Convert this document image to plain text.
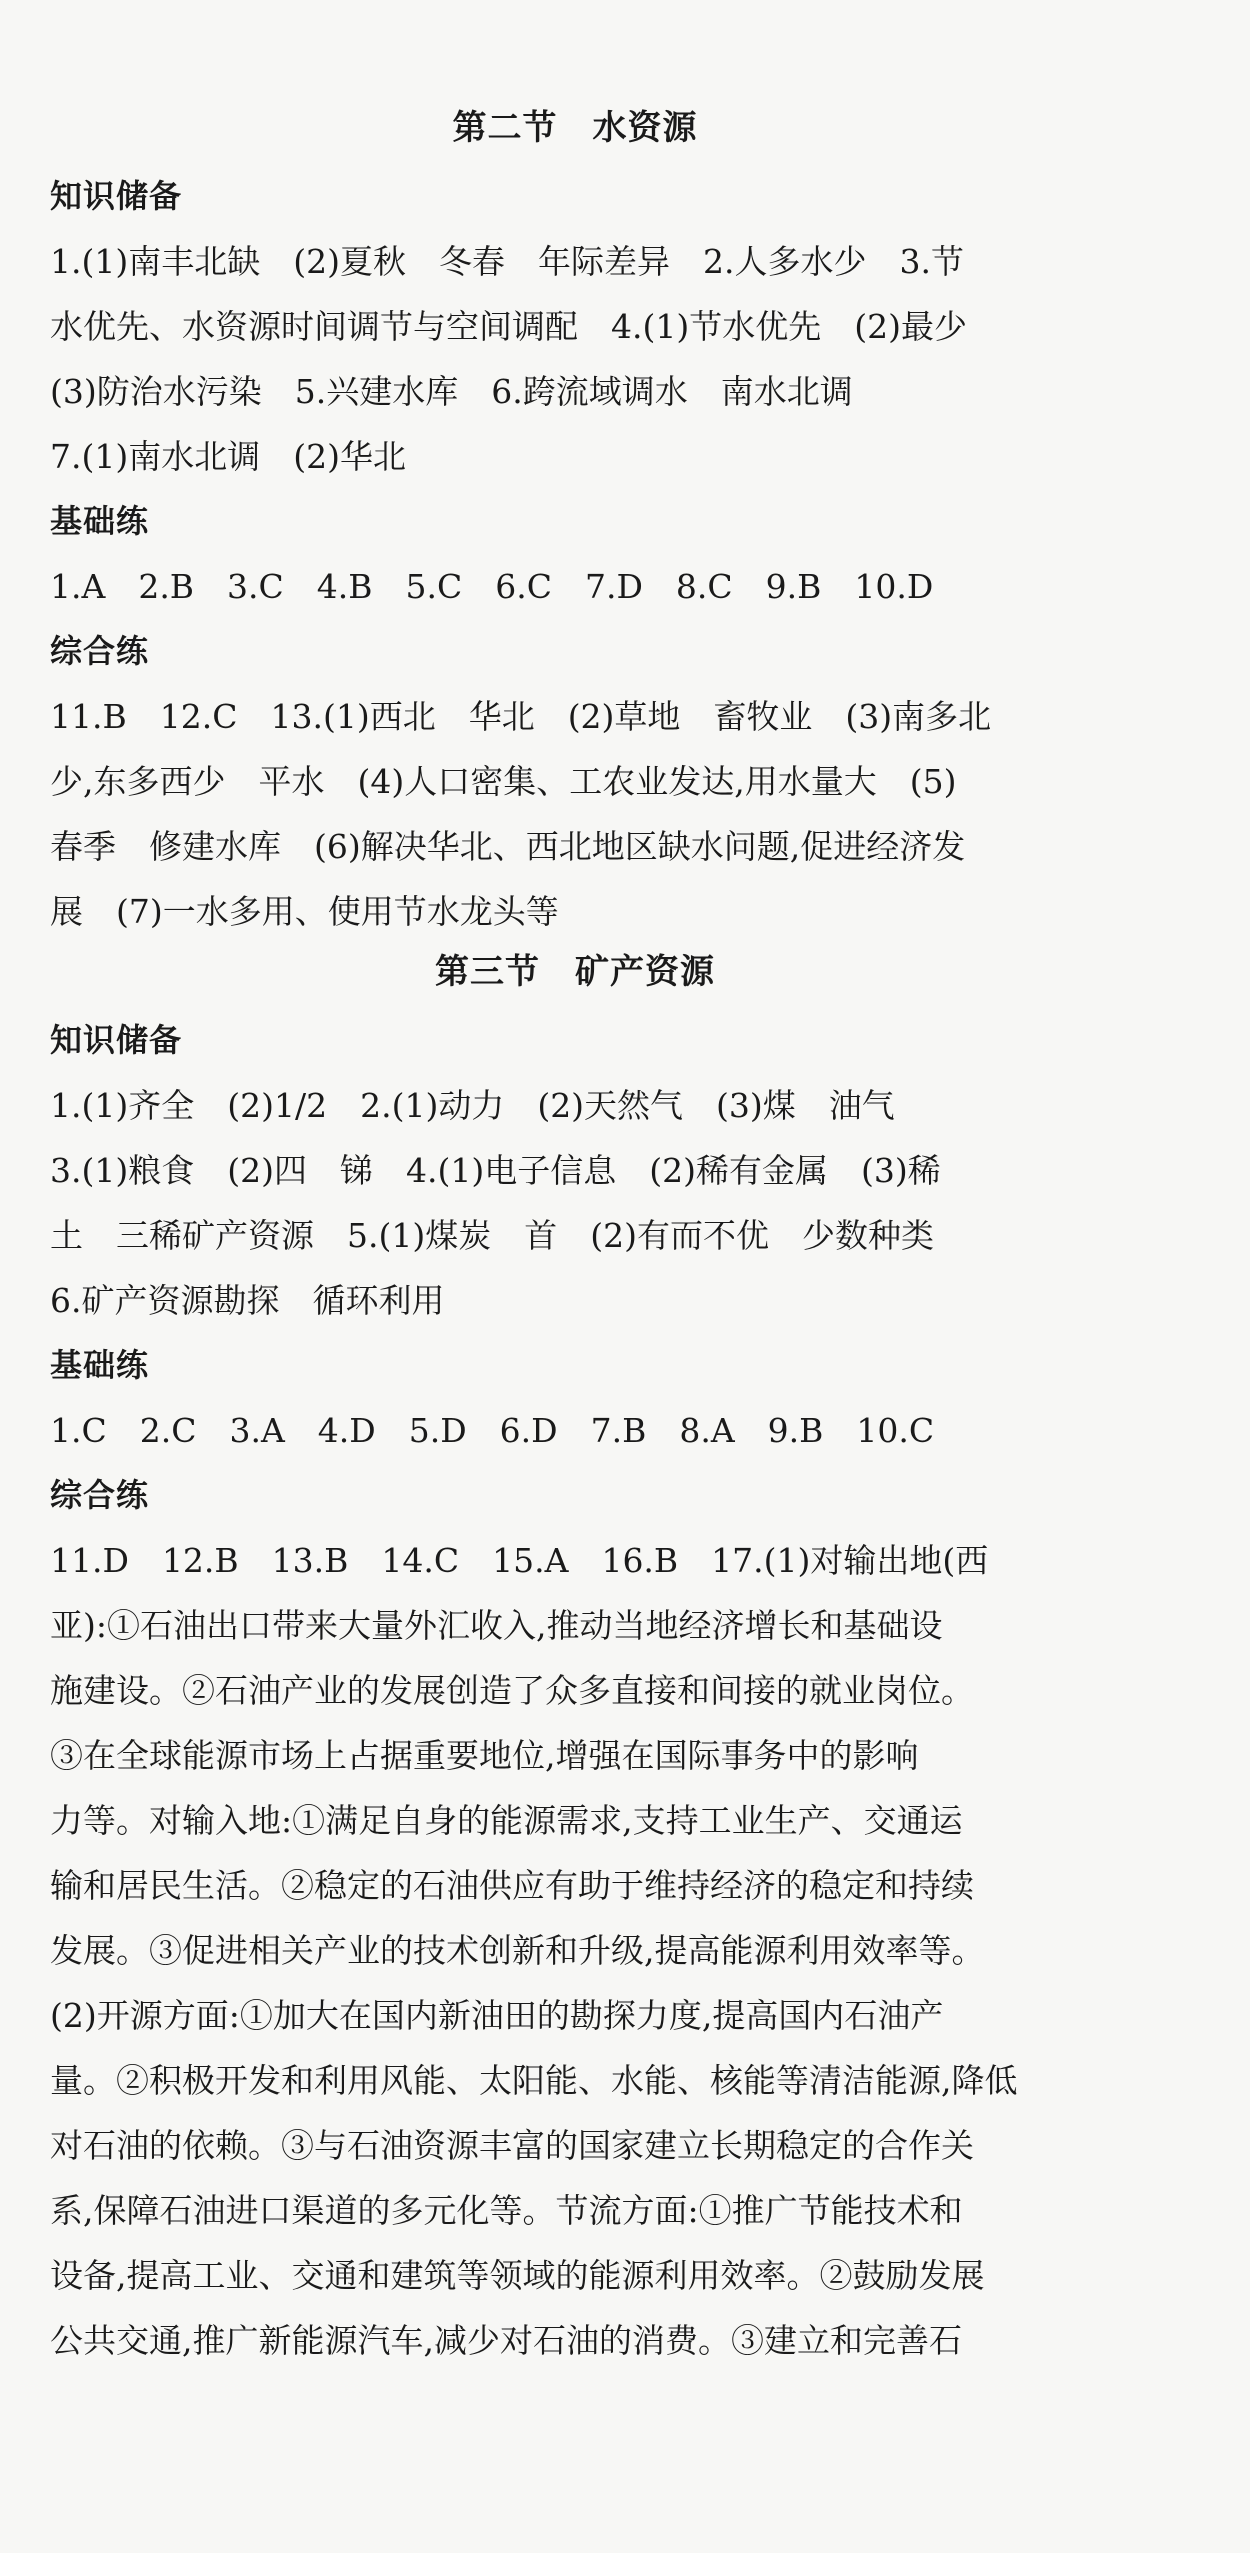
第二节　水资源
知识储备
1.(1)南丰北缺　(2)夏秋　冬春　年际差异　2.人多水少　3.节
水优先、水资源时间调节与空间调配　4.(1)节水优先　(2)最少
(3)防治水污染　5.兴建水库　6.跨流域调水　南水北调
7.(1)南水北调　(2)华北
基础练
1.A　2.B　3.C　4.B　5.C　6.C　7.D　8.C　9.B　10.D
综合练
11.B　12.C　13.(1)西北　华北　(2)草地　畜牧业　(3)南多北
少,东多西少　平水　(4)人口密集、工农业发达,用水量大　(5)
春季　修建水库　(6)解决华北、西北地区缺水问题,促进经济发
展　(7)一水多用、使用节水龙头等
第三节　矿产资源
知识储备
1.(1)齐全　(2)1/2　2.(1)动力　(2)天然气　(3)煤　油气
3.(1)粮食　(2)四　锑　4.(1)电子信息　(2)稀有金属　(3)稀
土　三稀矿产资源　5.(1)煤炭　首　(2)有而不优　少数种类
6.矿产资源勘探　循环利用
基础练
1.C　2.C　3.A　4.D　5.D　6.D　7.B　8.A　9.B　10.C
综合练
11.D　12.B　13.B　14.C　15.A　16.B　17.(1)对输出地(西
亚):①石油出口带来大量外汇收入,推动当地经济增长和基础设
施建设。②石油产业的发展创造了众多直接和间接的就业岗位。
③在全球能源市场上占据重要地位,增强在国际事务中的影响
力等。对输入地:①满足自身的能源需求,支持工业生产、交通运
输和居民生活。②稳定的石油供应有助于维持经济的稳定和持续
发展。③促进相关产业的技术创新和升级,提高能源利用效率等。
(2)开源方面:①加大在国内新油田的勘探力度,提高国内石油产
量。②积极开发和利用风能、太阳能、水能、核能等清洁能源,降低
对石油的依赖。③与石油资源丰富的国家建立长期稳定的合作关
系,保障石油进口渠道的多元化等。节流方面:①推广节能技术和
设备,提高工业、交通和建筑等领域的能源利用效率。②鼓励发展
公共交通,推广新能源汽车,减少对石油的消费。③建立和完善石
